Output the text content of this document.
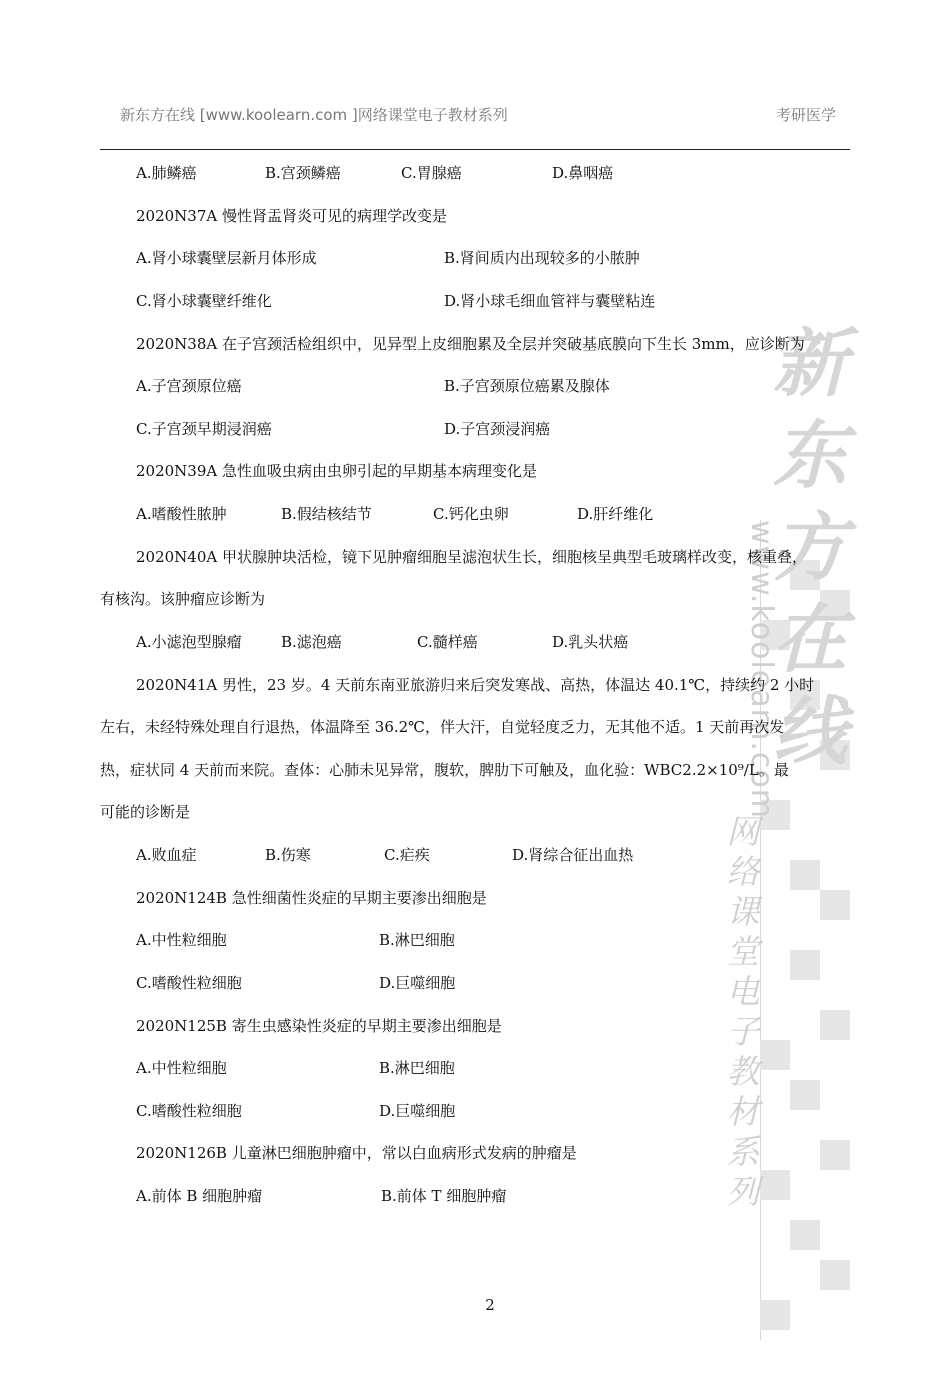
新东方在线
www.koolearn.com
网络课堂电子教材系列
新东方在线 [www.koolearn.com ]网络课堂电子教材系列	考研医学
A.肺鳞癌	B.宫颈鳞癌	C.胃腺癌	D.鼻咽癌
2020N37A 慢性肾盂肾炎可见的病理学改变是
A.肾小球囊壁层新月体形成	B.肾间质内出现较多的小脓肿
C.肾小球囊壁纤维化	D.肾小球毛细血管袢与囊壁粘连
2020N38A 在子宫颈活检组织中，见异型上皮细胞累及全层并突破基底膜向下生长 3mm，应诊断为
A.子宫颈原位癌	B.子宫颈原位癌累及腺体
C.子宫颈早期浸润癌	D.子宫颈浸润癌
2020N39A 急性血吸虫病由虫卵引起的早期基本病理变化是
A.嗜酸性脓肿	B.假结核结节	C.钙化虫卵	D.肝纤维化
2020N40A 甲状腺肿块活检，镜下见肿瘤细胞呈滤泡状生长，细胞核呈典型毛玻璃样改变，核重叠，
有核沟。该肿瘤应诊断为
A.小滤泡型腺瘤	B.滤泡癌	C.髓样癌	D.乳头状癌
2020N41A 男性，23 岁。4 天前东南亚旅游归来后突发寒战、高热，体温达 40.1℃，持续约 2 小时
左右，未经特殊处理自行退热，体温降至 36.2℃，伴大汗，自觉轻度乏力，无其他不适。1 天前再次发
热，症状同 4 天前而来院。查体：心肺未见异常，腹软，脾肋下可触及，血化验：WBC2.2×10⁹/L。最
可能的诊断是
A.败血症	B.伤寒	C.疟疾	D.肾综合征出血热
2020N124B 急性细菌性炎症的早期主要渗出细胞是
A.中性粒细胞	B.淋巴细胞
C.嗜酸性粒细胞	D.巨噬细胞
2020N125B 寄生虫感染性炎症的早期主要渗出细胞是
A.中性粒细胞	B.淋巴细胞
C.嗜酸性粒细胞	D.巨噬细胞
2020N126B 儿童淋巴细胞肿瘤中，常以白血病形式发病的肿瘤是
A.前体 B 细胞肿瘤	B.前体 T 细胞肿瘤
2
